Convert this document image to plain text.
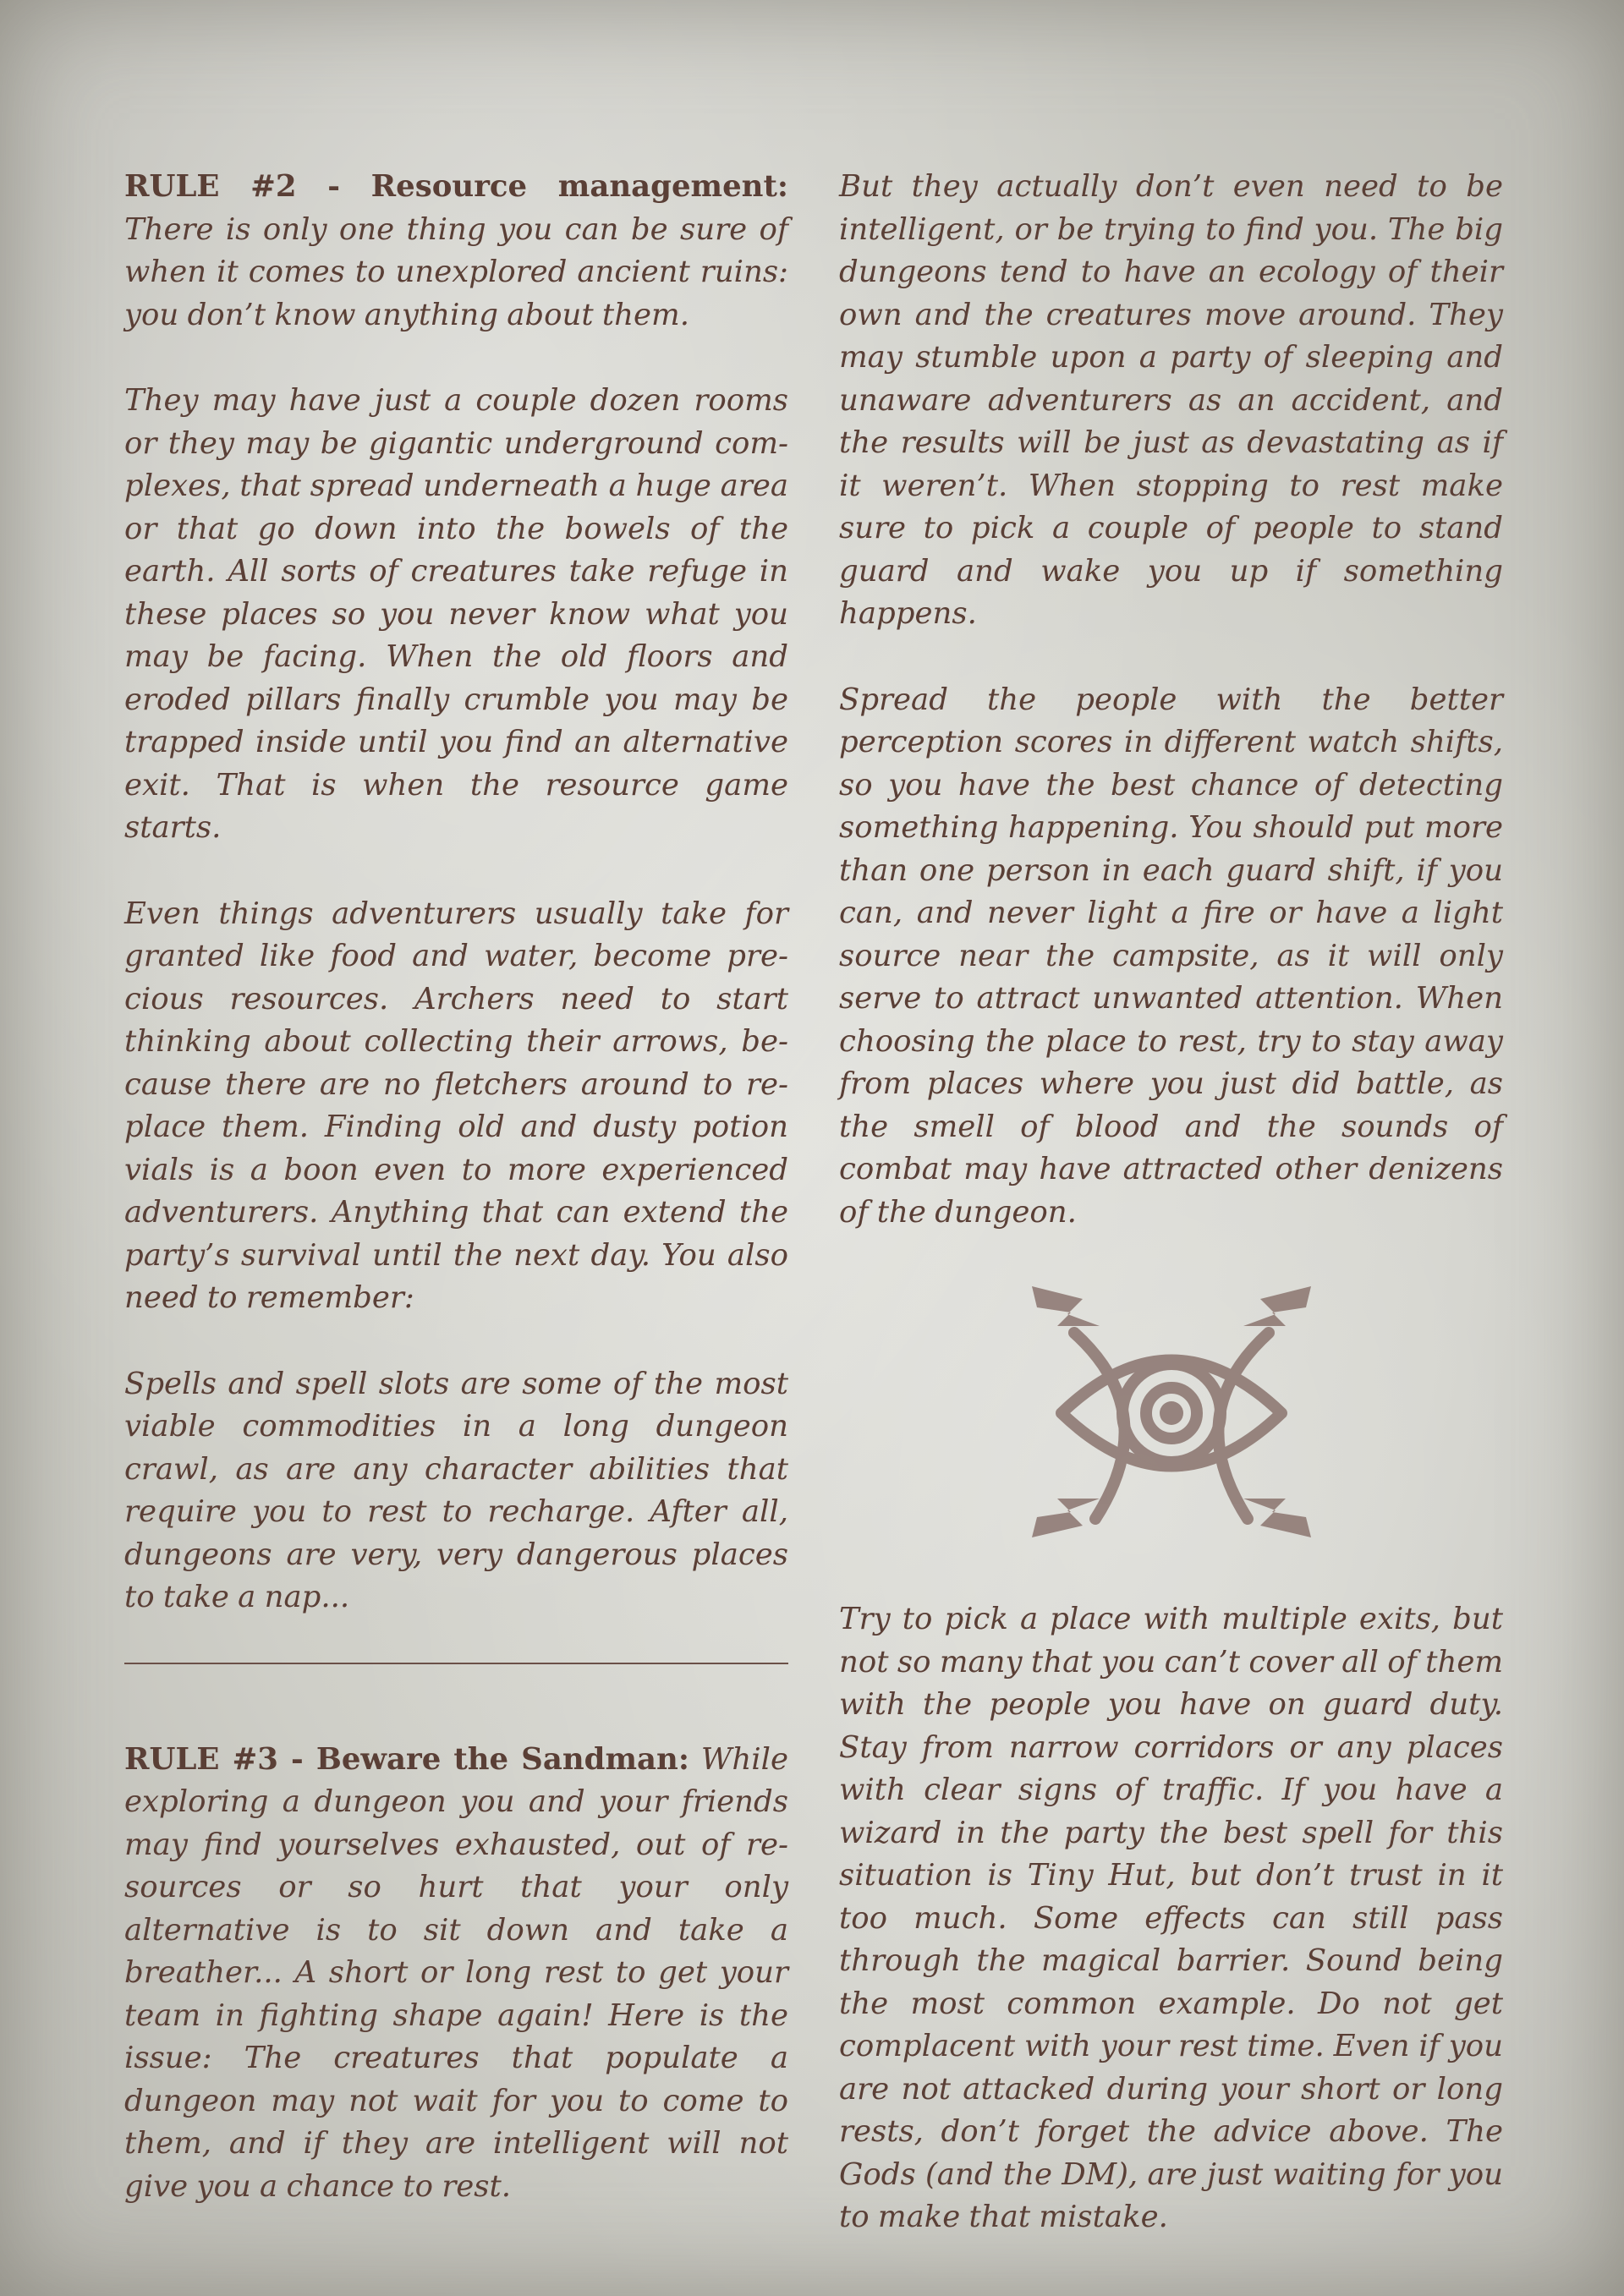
RULE #2 - Resource management: There is only one thing you can be sure of when it comes to unexplored ancient ruins: you don’t know anything about them.

They may have just a couple dozen rooms or they may be gigantic underground complexes, that spread underneath a huge area or that go down into the bowels of the earth. All sorts of creatures take refuge in these places so you never know what you may be facing. When the old floors and eroded pillars finally crumble you may be trapped inside until you find an alternative exit. That is when the resource game starts.

Even things adventurers usually take for granted like food and water, become precious resources. Archers need to start thinking about collecting their arrows, because there are no fletchers around to replace them. Finding old and dusty potion vials is a boon even to more experienced adventurers. Anything that can extend the party’s survival until the next day. You also need to remember:

Spells and spell slots are some of the most viable commodities in a long dungeon crawl, as are any character abilities that require you to rest to recharge. After all, dungeons are very, very dangerous places to take a nap...

RULE #3 - Beware the Sandman: While exploring a dungeon you and your friends may find yourselves exhausted, out of resources or so hurt that your only alternative is to sit down and take a breather... A short or long rest to get your team in fighting shape again! Here is the issue: The creatures that populate a dungeon may not wait for you to come to them, and if they are intelligent will not give you a chance to rest.

But they actually don’t even need to be intelligent, or be trying to find you. The big dungeons tend to have an ecology of their own and the creatures move around. They may stumble upon a party of sleeping and unaware adventurers as an accident, and the results will be just as devastating as if it weren’t. When stopping to rest make sure to pick a couple of people to stand guard and wake you up if something happens.

Spread the people with the better perception scores in different watch shifts, so you have the best chance of detecting something happening. You should put more than one person in each guard shift, if you can, and never light a fire or have a light source near the campsite, as it will only serve to attract unwanted attention. When choosing the place to rest, try to stay away from places where you just did battle, as the smell of blood and the sounds of combat may have attracted other denizens of the dungeon.

Try to pick a place with multiple exits, but not so many that you can’t cover all of them with the people you have on guard duty. Stay from narrow corridors or any places with clear signs of traffic. If you have a wizard in the party the best spell for this situation is Tiny Hut, but don’t trust in it too much. Some effects can still pass through the magical barrier. Sound being the most common example. Do not get complacent with your rest time. Even if you are not attacked during your short or long rests, don’t forget the advice above. The Gods (and the DM), are just waiting for you to make that mistake.
